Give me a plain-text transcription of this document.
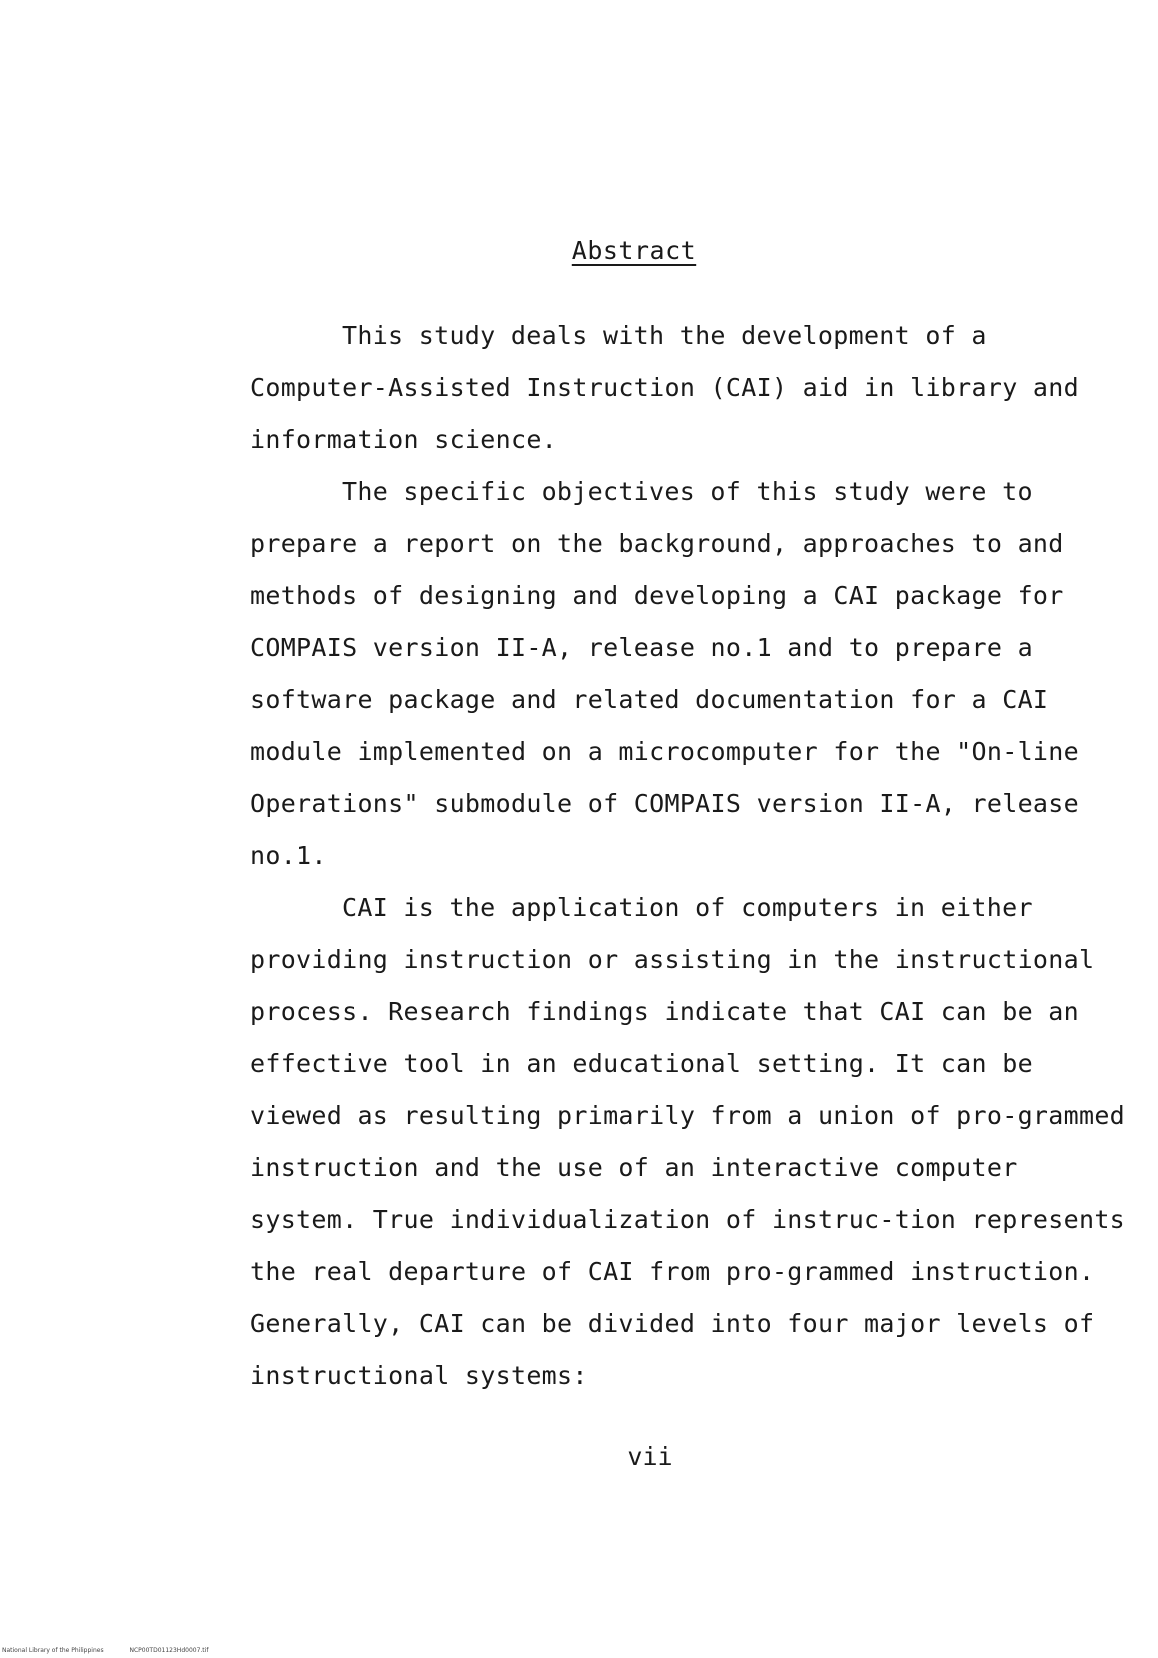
Abstract

This study deals with the development of a Computer-Assisted Instruction (CAI) aid in library and information science.

The specific objectives of this study were to prepare a report on the background, approaches to and methods of designing and developing a CAI package for COMPAIS version II-A, release no.1 and to prepare a software package and related documentation for a CAI module implemented on a microcomputer for the "On-line Operations" submodule of COMPAIS version II-A, release no.1.

CAI is the application of computers in either providing instruction or assisting in the instructional process. Research findings indicate that CAI can be an effective tool in an educational setting. It can be viewed as resulting primarily from a union of pro-grammed instruction and the use of an interactive computer system. True individualization of instruc-tion represents the real departure of CAI from pro-grammed instruction. Generally, CAI can be divided into four major levels of instructional systems:

vii
National Library of the Philippines	NCP00TD01123Hd0007.tif
